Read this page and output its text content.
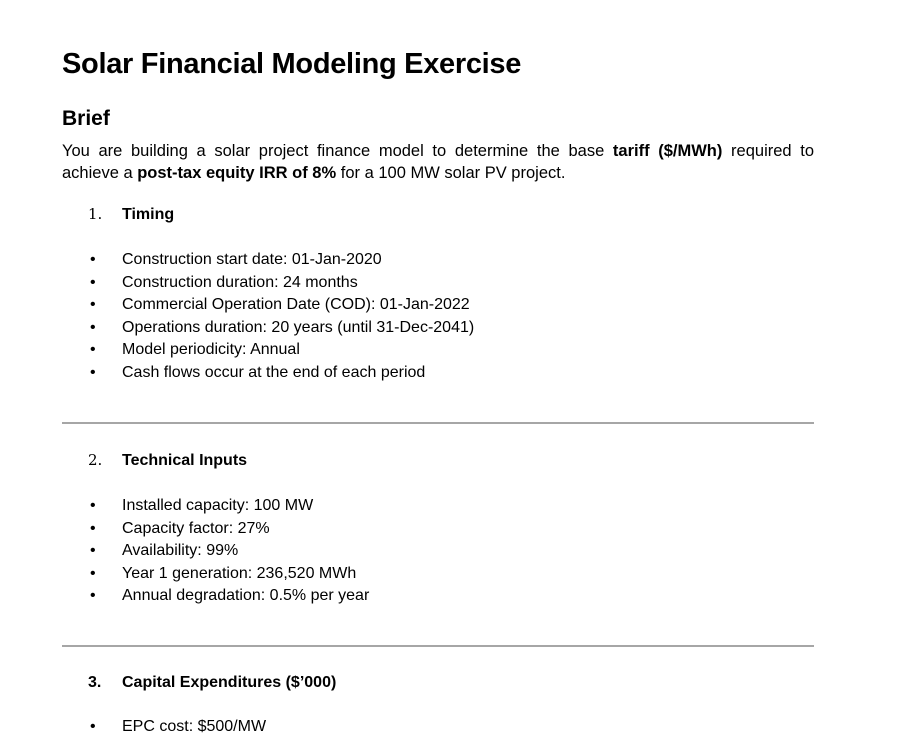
Solar Financial Modeling Exercise
Brief

You are building a solar project finance model to determine the base tariff ($/MWh) required to achieve a post-tax equity IRR of 8% for a 100 MW solar PV project.

1. Timing
• Construction start date: 01-Jan-2020
• Construction duration: 24 months
• Commercial Operation Date (COD): 01-Jan-2022
• Operations duration: 20 years (until 31-Dec-2041)
• Model periodicity: Annual
• Cash flows occur at the end of each period
2. Technical Inputs
• Installed capacity: 100 MW
• Capacity factor: 27%
• Availability: 99%
• Year 1 generation: 236,520 MWh
• Annual degradation: 0.5% per year
3. Capital Expenditures ($’000)
• EPC cost: $500/MW
